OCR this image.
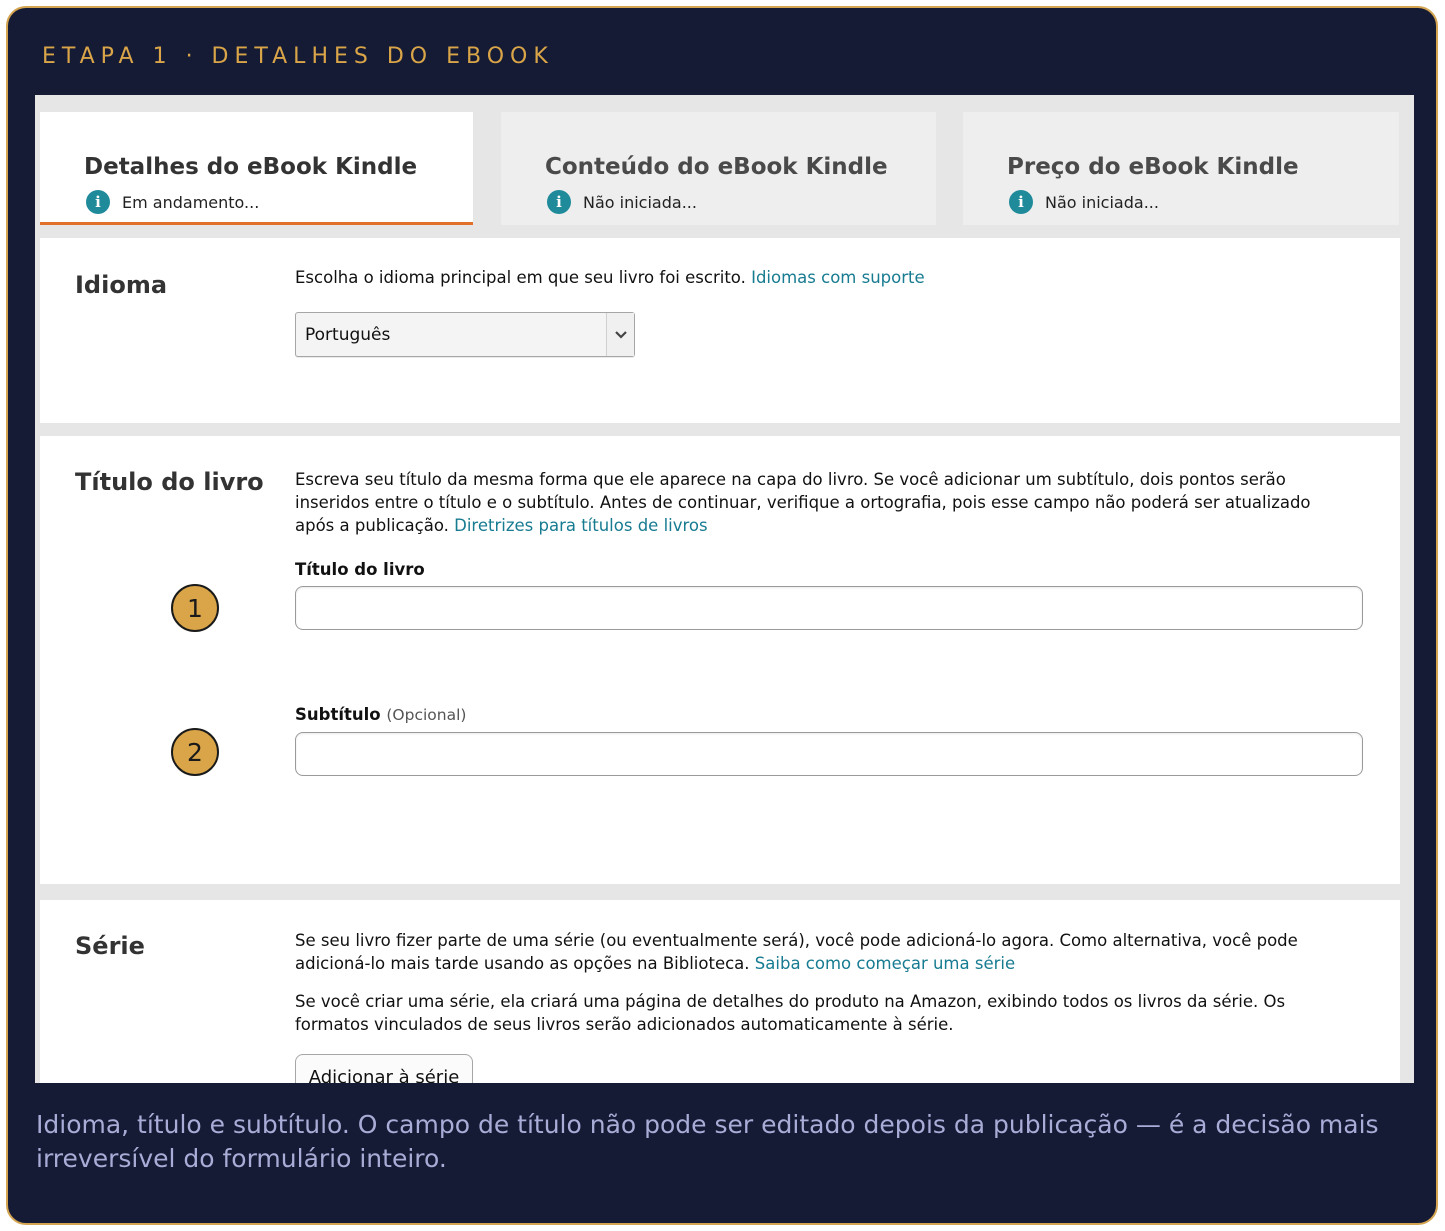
ETAPA 1 · DETALHES DO EBOOK
Detalhes do eBook Kindle
i	Em andamento...
Conteúdo do eBook Kindle
i	Não iniciada...
Preço do eBook Kindle
i	Não iniciada...
Idioma	Escolha o idioma principal em que seu livro foi escrito. Idiomas com suporte
Português
Título do livro Escreva seu título da mesma forma que ele aparece na capa do livro. Se você adicionar um subtítulo, dois pontos serão inseridos entre o título e o subtítulo. Antes de continuar, verifique a ortografia, pois esse campo não poderá ser atualizado após a publicação. Diretrizes para títulos de livros
Título do livro
Subtítulo (Opcional)
1
2
Série	Se seu livro fizer parte de uma série (ou eventualmente será), você pode adicioná-lo agora. Como alternativa, você pode adicioná-lo mais tarde usando as opções na Biblioteca. Saiba como começar uma série
Se você criar uma série, ela criará uma página de detalhes do produto na Amazon, exibindo todos os livros da série. Os formatos vinculados de seus livros serão adicionados automaticamente à série.
Adicionar à série
Idioma, título e subtítulo. O campo de título não pode ser editado depois da publicação — é a decisão mais irreversível do formulário inteiro.
